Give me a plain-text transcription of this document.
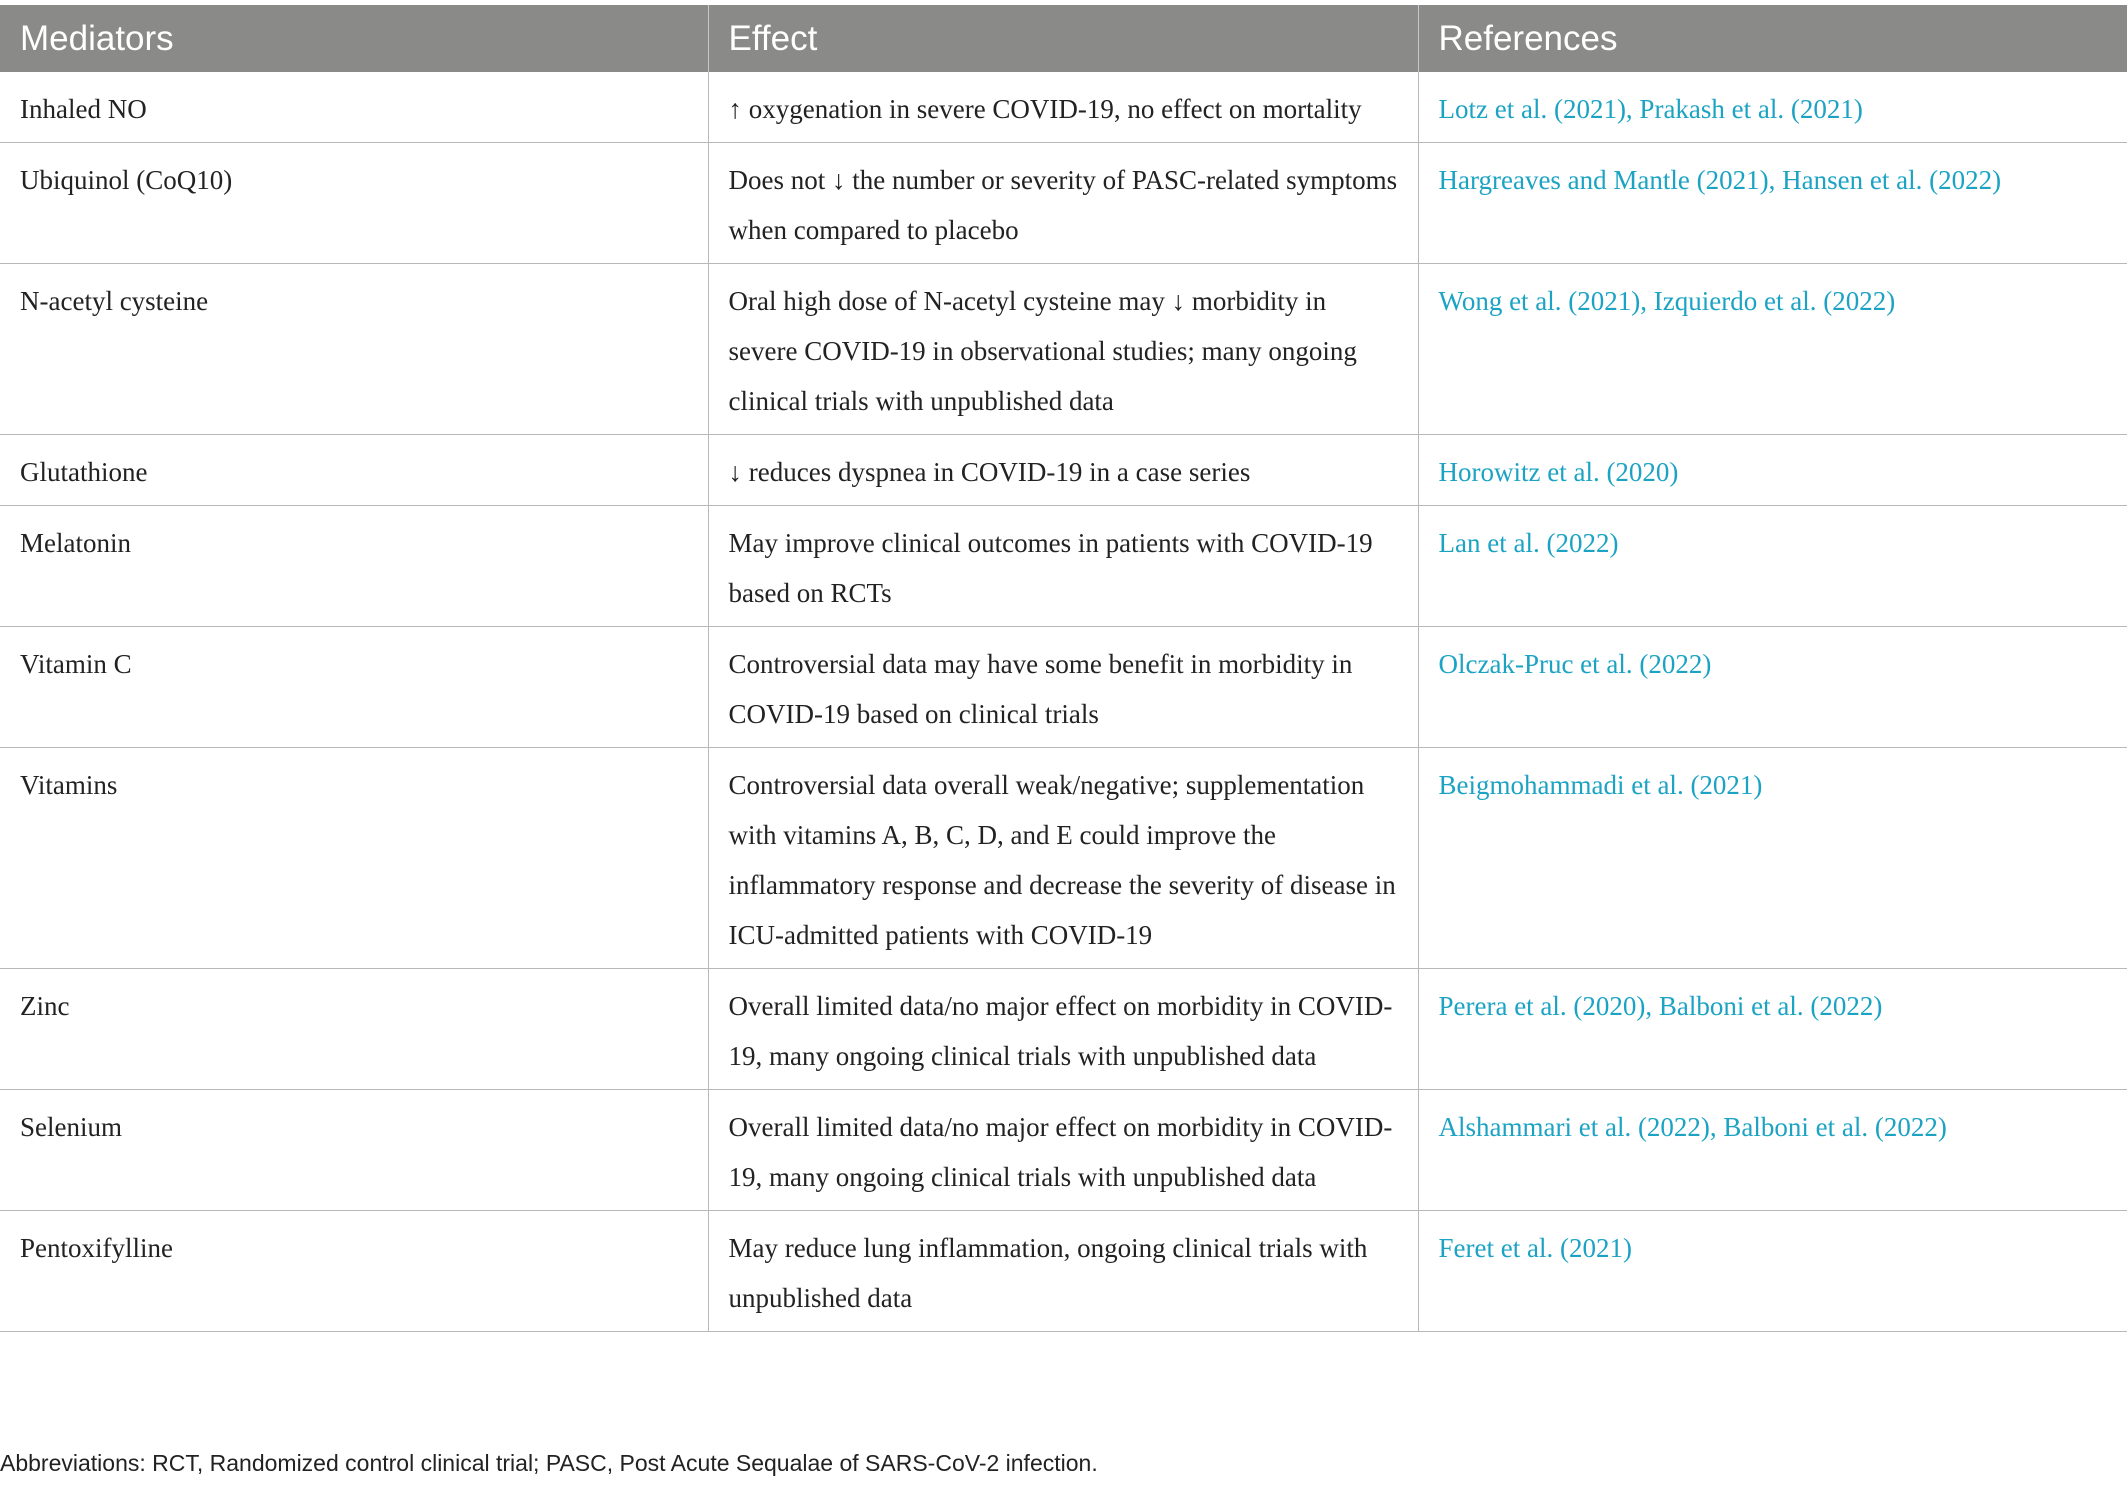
Mediators	Effect	References
Inhaled NO	↑ oxygenation in severe COVID-19, no effect on mortality	Lotz et al. (2021), Prakash et al. (2021)
Ubiquinol (CoQ10)	Does not ↓ the number or severity of PASC-related symptoms when compared to placebo	Hargreaves and Mantle (2021), Hansen et al. (2022)
N-acetyl cysteine	Oral high dose of N-acetyl cysteine may ↓ morbidity in severe COVID-19 in observational studies; many ongoing clinical trials with unpublished data	Wong et al. (2021), Izquierdo et al. (2022)
Glutathione	↓ reduces dyspnea in COVID-19 in a case series	Horowitz et al. (2020)
Melatonin	May improve clinical outcomes in patients with COVID-19 based on RCTs	Lan et al. (2022)
Vitamin C	Controversial data may have some benefit in morbidity in COVID-19 based on clinical trials	Olczak-Pruc et al. (2022)
Vitamins	Controversial data overall weak/negative; supplementation with vitamins A, B, C, D, and E could improve the inflammatory response and decrease the severity of disease in ICU-admitted patients with COVID-19	Beigmohammadi et al. (2021)
Zinc	Overall limited data/no major effect on morbidity in COVID-19, many ongoing clinical trials with unpublished data	Perera et al. (2020), Balboni et al. (2022)
Selenium	Overall limited data/no major effect on morbidity in COVID-19, many ongoing clinical trials with unpublished data	Alshammari et al. (2022), Balboni et al. (2022)
Pentoxifylline	May reduce lung inflammation, ongoing clinical trials with unpublished data	Feret et al. (2021)
Abbreviations: RCT, Randomized control clinical trial; PASC, Post Acute Sequalae of SARS-CoV-2 infection.
